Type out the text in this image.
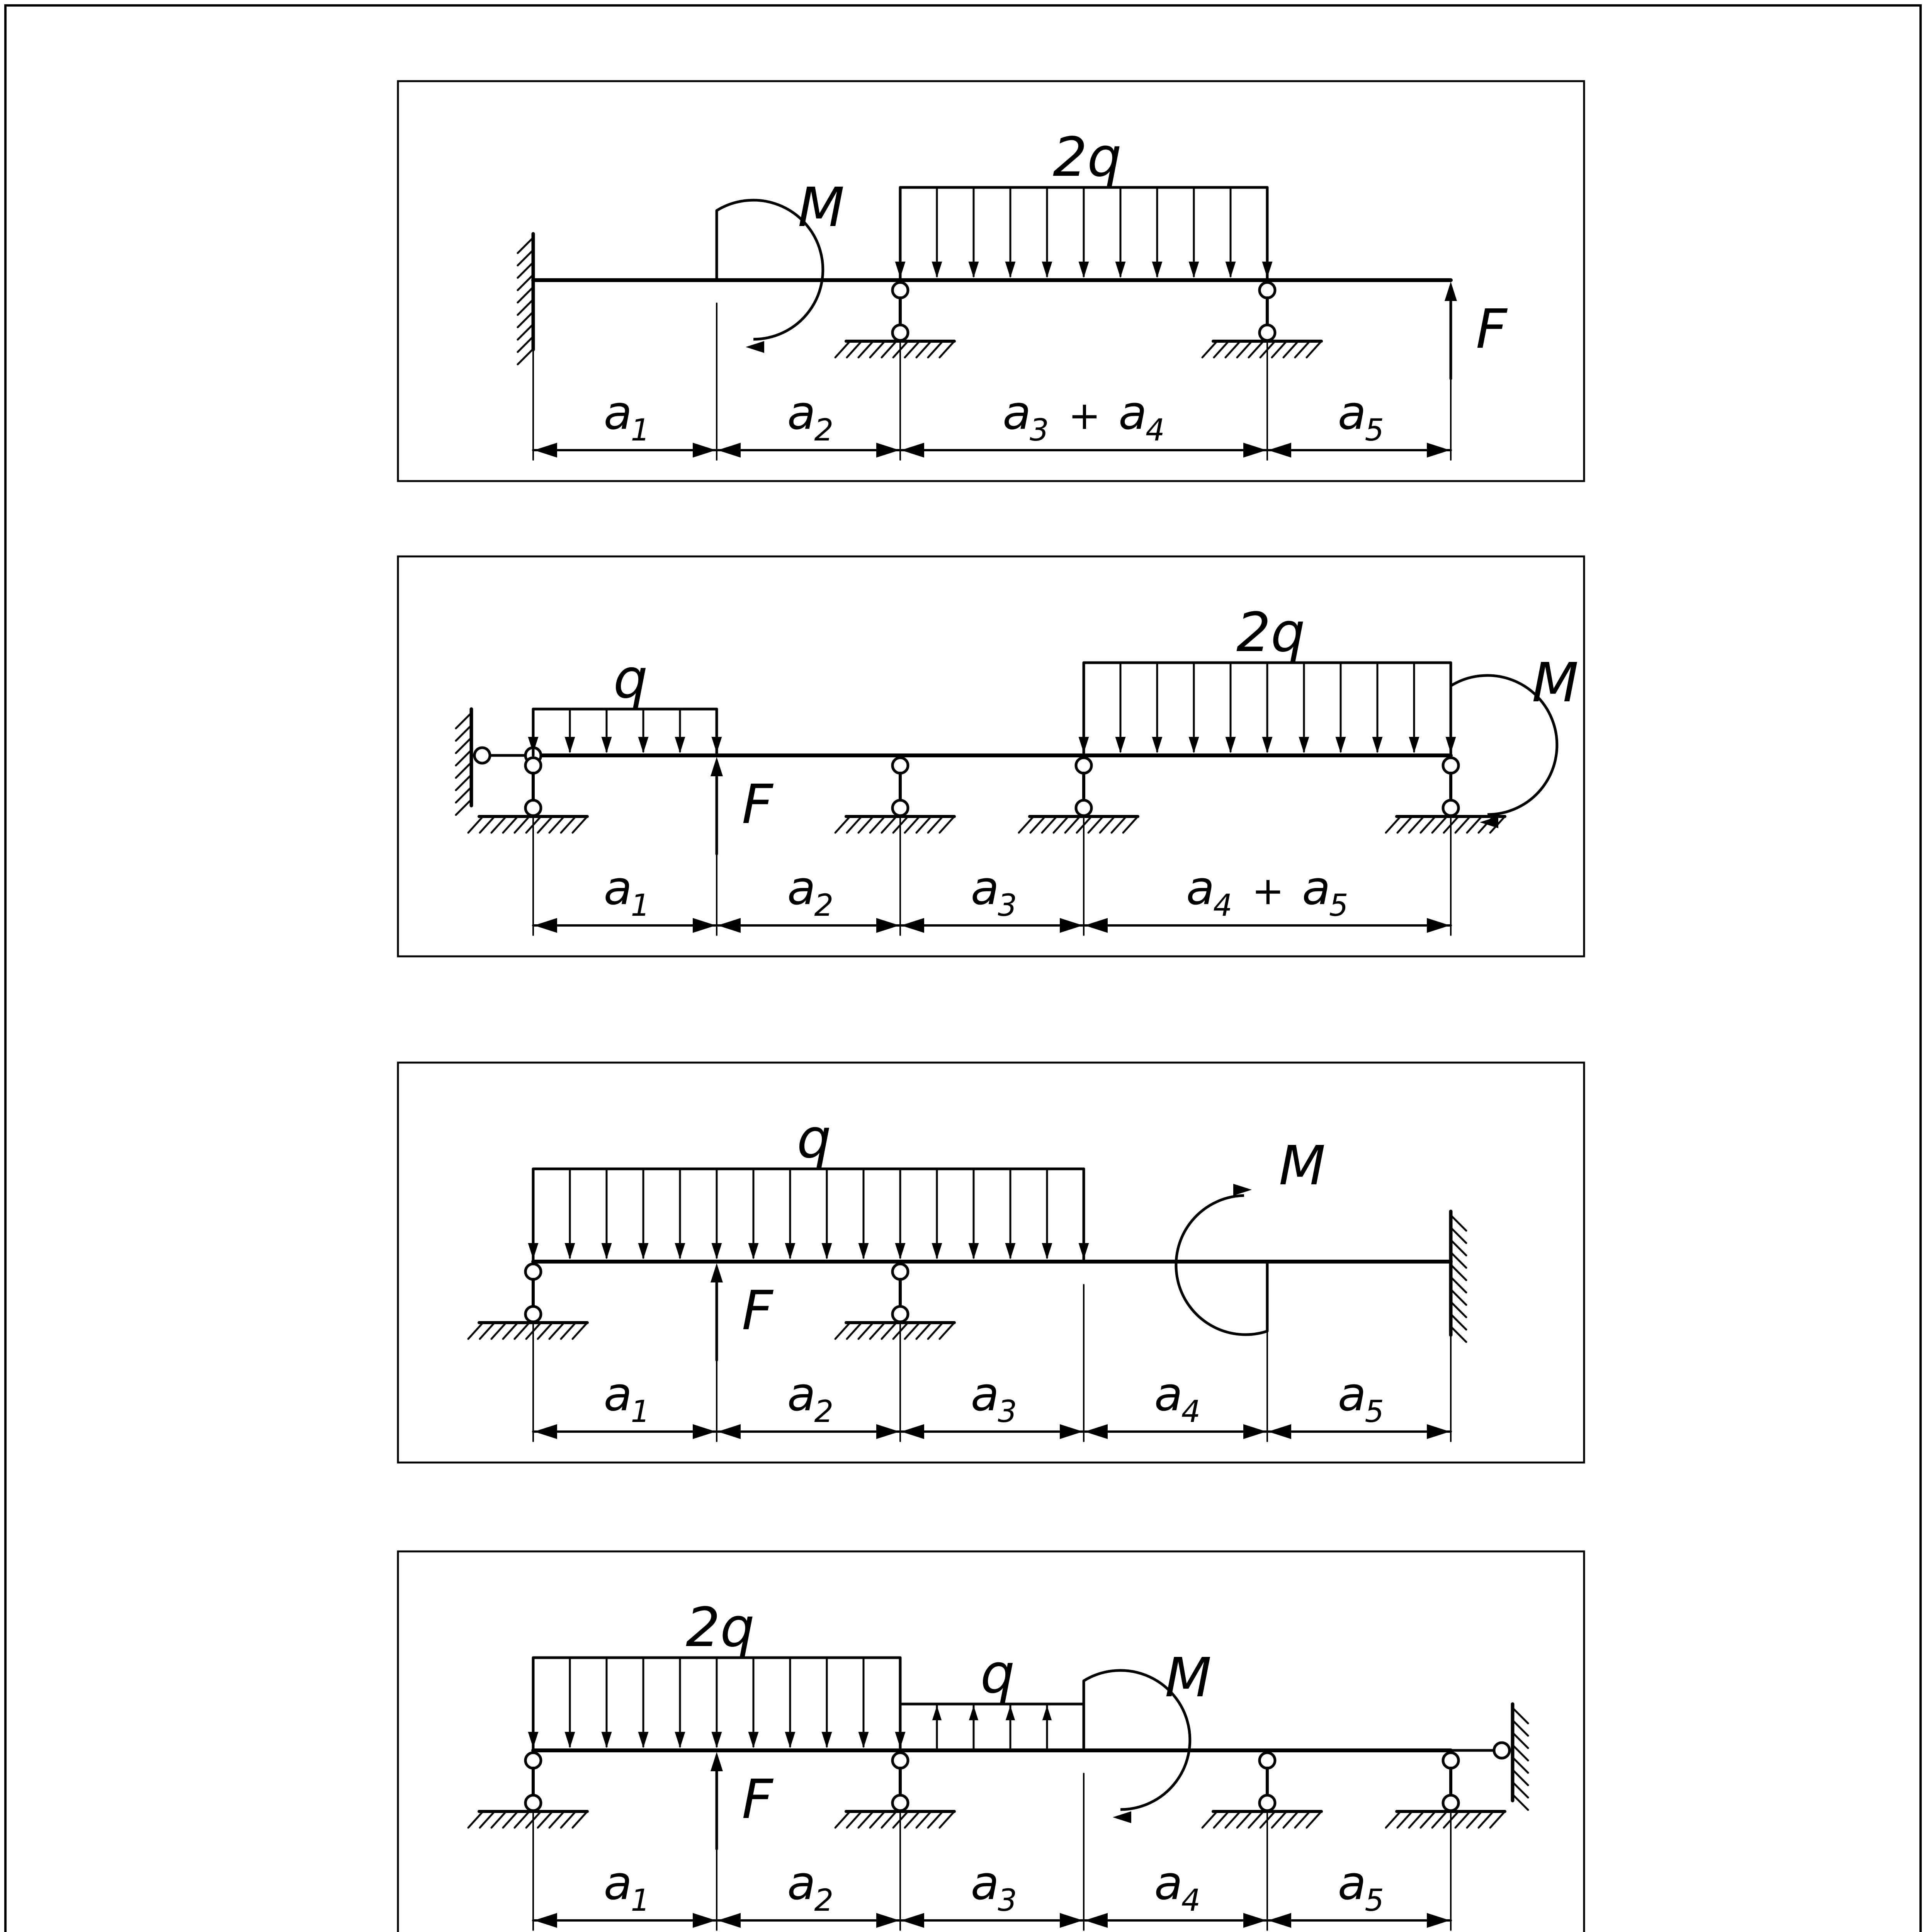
2q
M
F
a
1	a
2	a
3 + a
4	a
5
q
2q
F
M
a
1	a
2	a
3	a
4 + a
5
q
F
M
a
1	a
2	a
3	a
4	a
5
2q
q
F
M
a
1	a
2	a
3	a
4	a
5
